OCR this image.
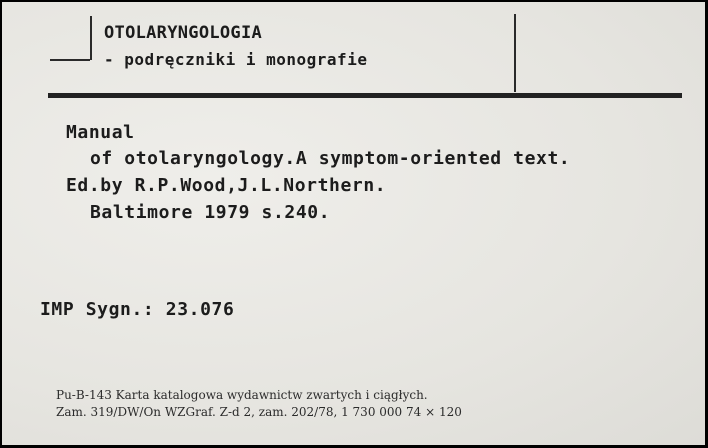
OTOLARYNGOLOGIA
- podręczniki i monografie
Manual
of otolaryngology.A symptom-oriented text.
Ed.by R.P.Wood,J.L.Northern.
Baltimore 1979 s.240.
IMP Sygn.: 23.076
Pu-B-143 Karta katalogowa wydawnictw zwartych i ciągłych.
Zam. 319/DW/On WZGraf. Z-d 2, zam. 202/78, 1 730 000 74 × 120
